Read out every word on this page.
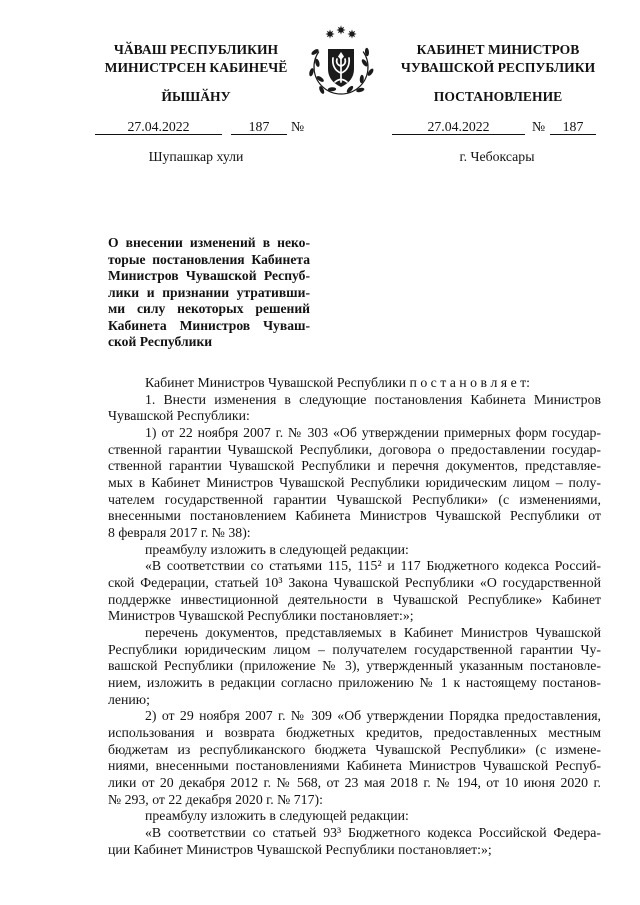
ЧӐВАШ РЕСПУБЛИКИН
МИНИСТРСЕН КАБИНЕЧӖ
ЙЫШӐНУ
КАБИНЕТ МИНИСТРОВ
ЧУВАШСКОЙ РЕСПУБЛИКИ
ПОСТАНОВЛЕНИЕ
27.04.2022	187	№	27.04.2022	№	187
Шупашкар хули	г. Чебоксары
О внесении изменений в неко-
торые постановления Кабинета
Министров Чувашской Респуб-
лики и признании утративши-
ми силу некоторых решений
Кабинета Министров Чуваш-
ской Республики
Кабинет Министров Чувашской Республики п о с т а н о в л я е т:
1. Внести изменения в следующие постановления Кабинета Министров
Чувашской Республики:
1) от 22 ноября 2007 г. № 303 «Об утверждении примерных форм государ-
ственной гарантии Чувашской Республики, договора о предоставлении государ-
ственной гарантии Чувашской Республики и перечня документов, представляе-
мых в Кабинет Министров Чувашской Республики юридическим лицом – полу-
чателем государственной гарантии Чувашской Республики» (с изменениями,
внесенными постановлением Кабинета Министров Чувашской Республики от
8 февраля 2017 г. № 38):
преамбулу изложить в следующей редакции:
«В соответствии со статьями 115, 115² и 117 Бюджетного кодекса Россий-
ской Федерации, статьей 10³ Закона Чувашской Республики «О государственной
поддержке инвестиционной деятельности в Чувашской Республике» Кабинет
Министров Чувашской Республики постановляет:»;
перечень документов, представляемых в Кабинет Министров Чувашской
Республики юридическим лицом – получателем государственной гарантии Чу-
вашской Республики (приложение № 3), утвержденный указанным постановле-
нием, изложить в редакции согласно приложению № 1 к настоящему постанов-
лению;
2) от 29 ноября 2007 г. № 309 «Об утверждении Порядка предоставления,
использования и возврата бюджетных кредитов, предоставленных местным
бюджетам из республиканского бюджета Чувашской Республики» (с измене-
ниями, внесенными постановлениями Кабинета Министров Чувашской Респуб-
лики от 20 декабря 2012 г. № 568, от 23 мая 2018 г. № 194, от 10 июня 2020 г.
№ 293, от 22 декабря 2020 г. № 717):
преамбулу изложить в следующей редакции:
«В соответствии со статьей 93³ Бюджетного кодекса Российской Федера-
ции Кабинет Министров Чувашской Республики постановляет:»;
